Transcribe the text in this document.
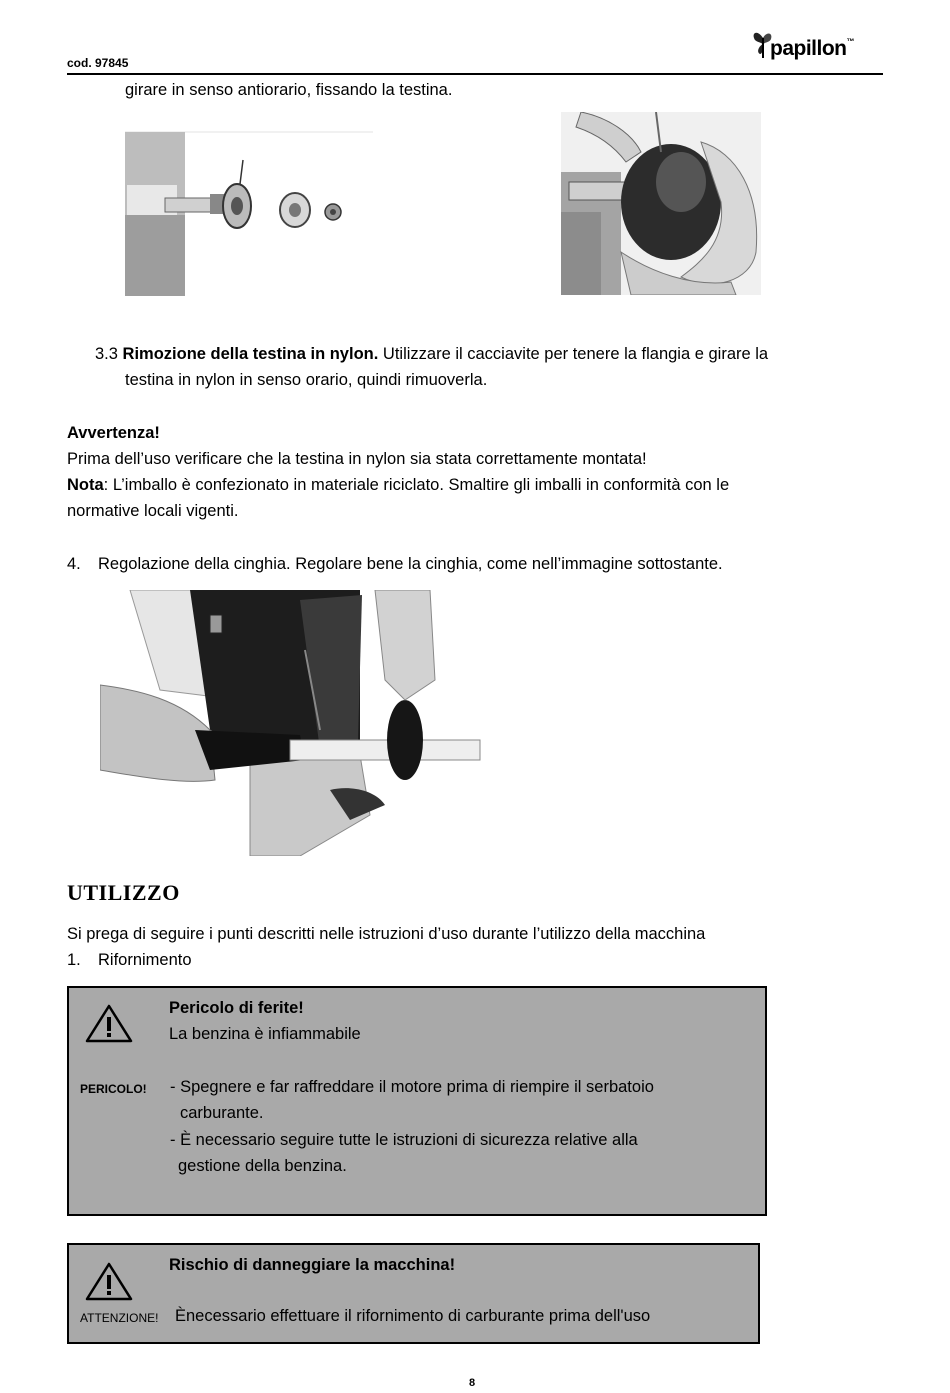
cod. 97845
papillon™
girare in senso antiorario, fissando la testina.
3.3 Rimozione della testina in nylon. Utilizzare il cacciavite per tenere la flangia e girare la
testina in nylon in senso orario, quindi rimuoverla.
Avvertenza!
Prima dell’uso verificare che la testina in nylon sia stata correttamente montata!
Nota: L’imballo è confezionato in materiale riciclato. Smaltire gli imballi in conformità con le
normative locali vigenti.
4. Regolazione della cinghia. Regolare bene la cinghia, come nell’immagine sottostante.
UTILIZZO
Si prega di seguire i punti descritti nelle istruzioni d’uso durante l’utilizzo della macchina
1. Rifornimento
Pericolo di ferite!
La benzina è infiammabile
PERICOLO! - Spegnere e far raffreddare il motore prima di riempire il serbatoio
carburante.
- È necessario seguire tutte le istruzioni di sicurezza relative alla
gestione della benzina.
Rischio di danneggiare la macchina!
ATTENZIONE! Ènecessario effettuare il rifornimento di carburante prima dell'uso
8
